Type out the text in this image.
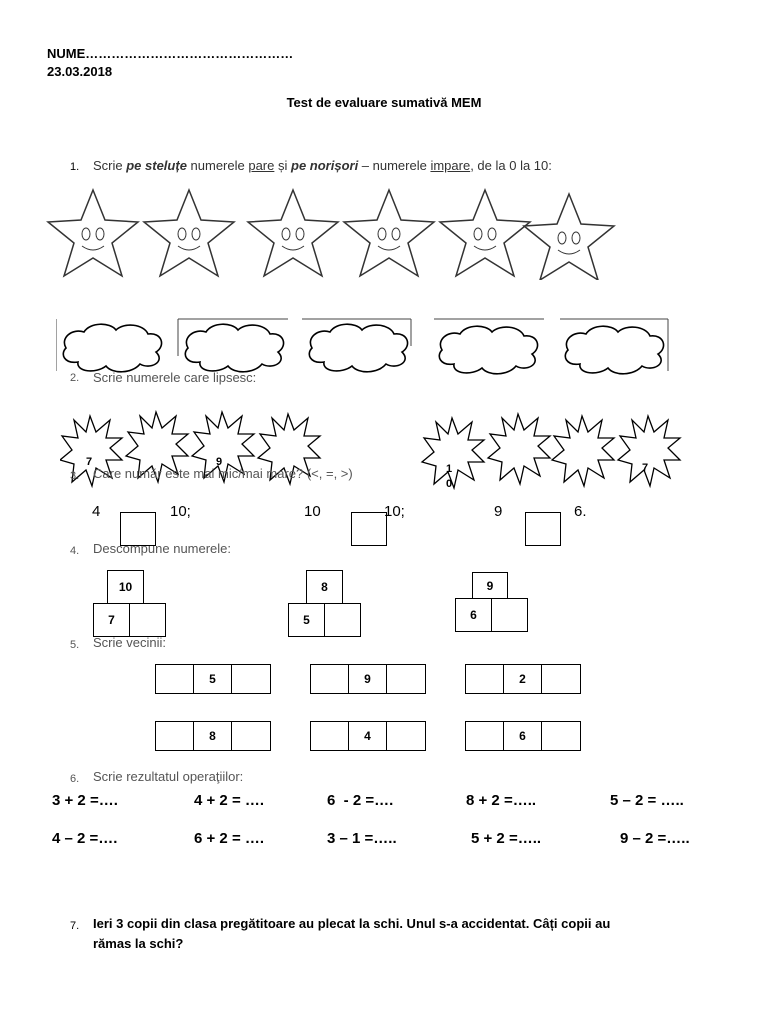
NUME…………………………………………
23.03.2018
Test de evaluare sumativă MEM
1. Scrie pe steluțe numerele pare și pe norișori – numerele impare, de la 0 la 10:
2. Scrie numerele care lipsesc:
7	9
1
0
7
3. Care număr este mai mic/mai mare? (<, =, >)
4	10;	10	10;	9	6.
4. Descompune numerele:
10
7
8
5
9
6
5. Scrie vecinii:
5	9	2
8	4	6
6. Scrie rezultatul operaţiilor:
3 + 2 =….	4 + 2 = ….	6  - 2 =….	8 + 2 =…..	5 – 2 = …..
4 – 2 =….	6 + 2 = ….	3 – 1 =…..	5 + 2 =…..	9 – 2 =…..
7. Ieri 3 copii din clasa pregătitoare au plecat la schi. Unul s-a accidentat. Câți copii au
rămas la schi?
